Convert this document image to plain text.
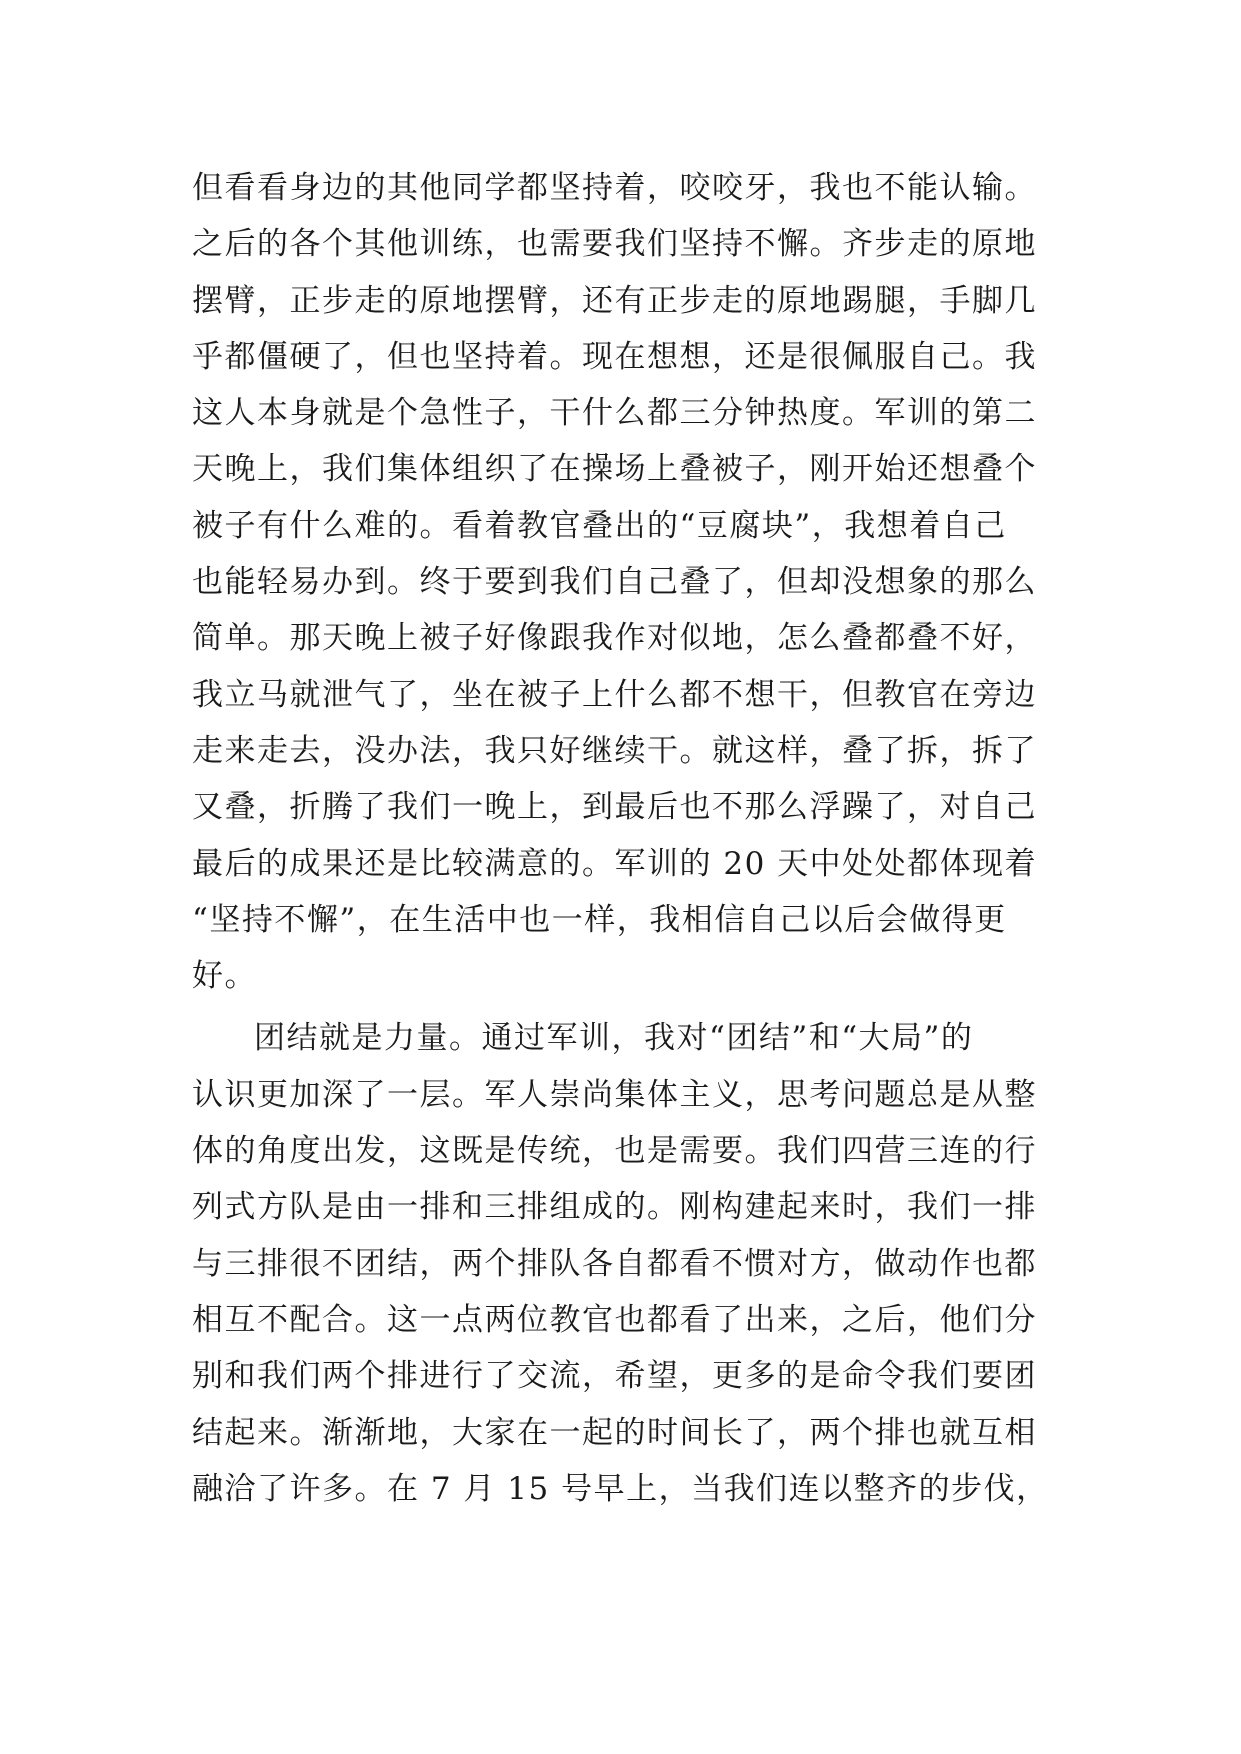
但看看身边的其他同学都坚持着，咬咬牙，我也不能认输。
之后的各个其他训练，也需要我们坚持不懈。齐步走的原地
摆臂，正步走的原地摆臂，还有正步走的原地踢腿，手脚几
乎都僵硬了，但也坚持着。现在想想，还是很佩服自己。我
这人本身就是个急性子，干什么都三分钟热度。军训的第二
天晚上，我们集体组织了在操场上叠被子，刚开始还想叠个
被子有什么难的。看着教官叠出的“豆腐块”，我想着自己
也能轻易办到。终于要到我们自己叠了，但却没想象的那么
简单。那天晚上被子好像跟我作对似地，怎么叠都叠不好，
我立马就泄气了，坐在被子上什么都不想干，但教官在旁边
走来走去，没办法，我只好继续干。就这样，叠了拆，拆了
又叠，折腾了我们一晚上，到最后也不那么浮躁了，对自己
最后的成果还是比较满意的。军训的 20 天中处处都体现着
“坚持不懈”，在生活中也一样，我相信自己以后会做得更
好。
团结就是力量。通过军训，我对“团结”和“大局”的
认识更加深了一层。军人崇尚集体主义，思考问题总是从整
体的角度出发，这既是传统，也是需要。我们四营三连的行
列式方队是由一排和三排组成的。刚构建起来时，我们一排
与三排很不团结，两个排队各自都看不惯对方，做动作也都
相互不配合。这一点两位教官也都看了出来，之后，他们分
别和我们两个排进行了交流，希望，更多的是命令我们要团
结起来。渐渐地，大家在一起的时间长了，两个排也就互相
融洽了许多。在 7 月 15 号早上，当我们连以整齐的步伐，
